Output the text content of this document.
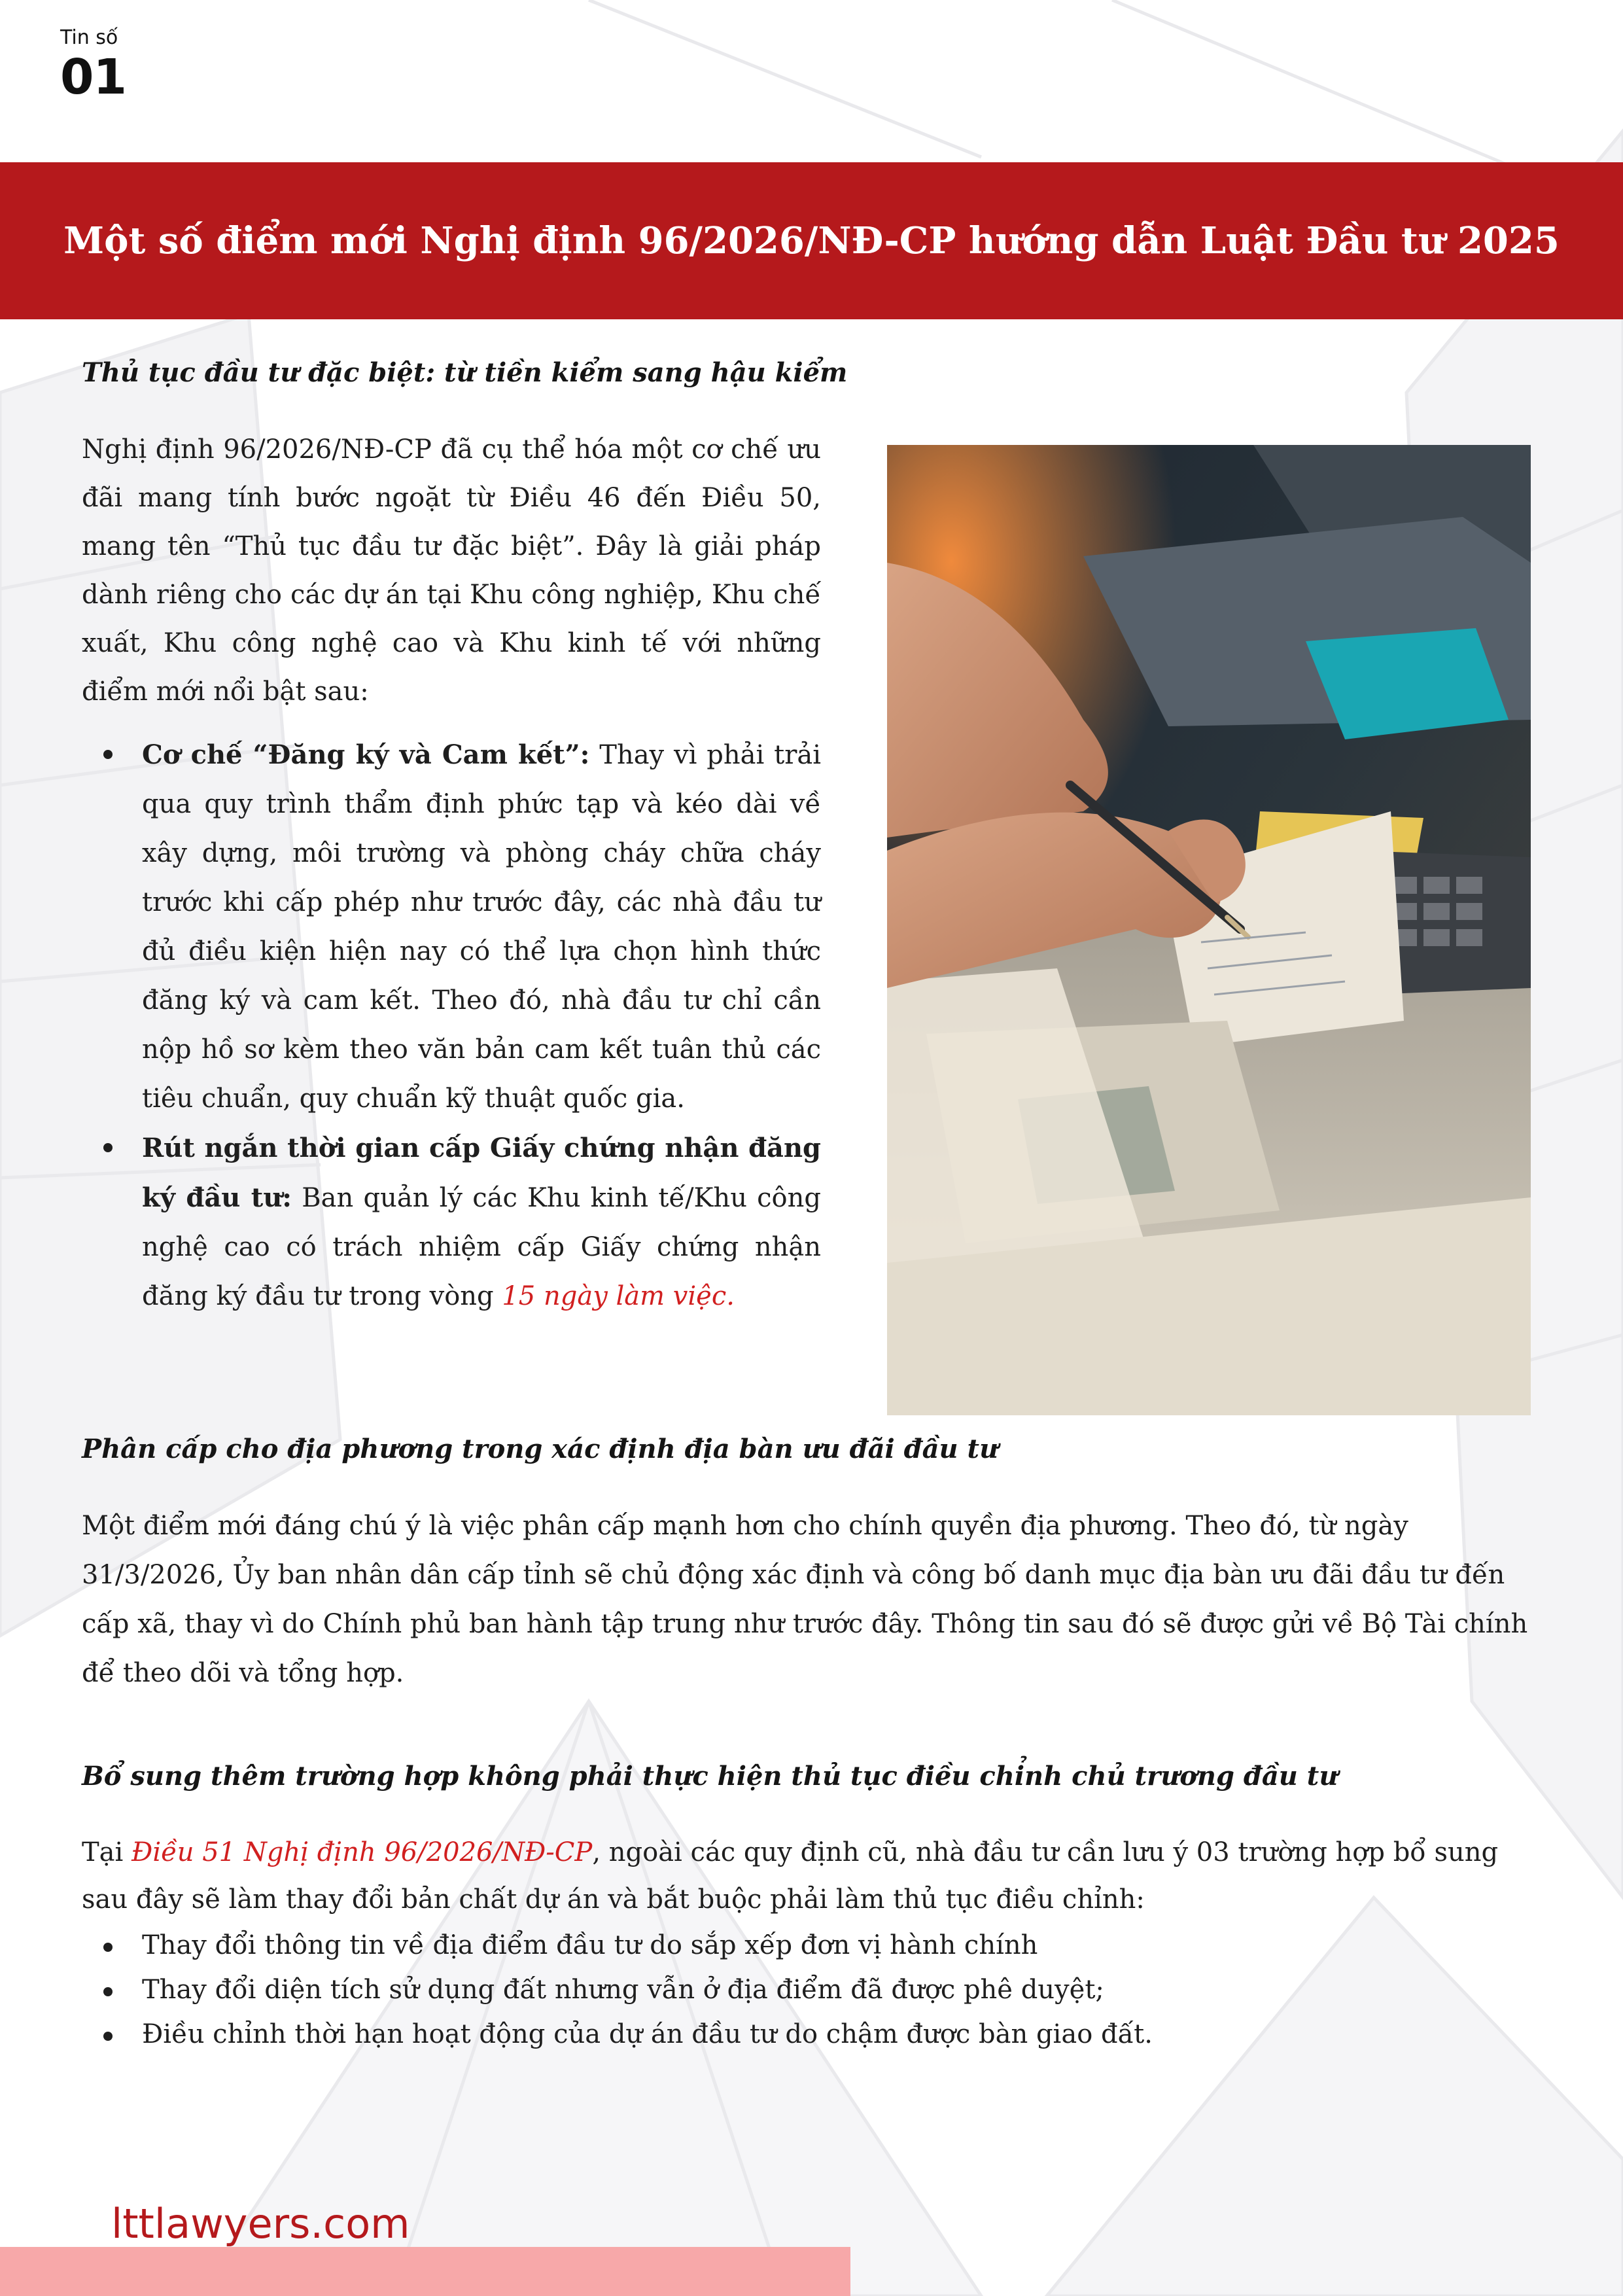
Tin số
01
Một số điểm mới Nghị định 96/2026/NĐ-CP hướng dẫn Luật Đầu tư 2025
Thủ tục đầu tư đặc biệt: từ tiền kiểm sang hậu kiểm

Nghị định 96/2026/NĐ-CP đã cụ thể hóa một cơ chế ưu đãi mang tính bước ngoặt từ Điều 46 đến Điều 50, mang tên “Thủ tục đầu tư đặc biệt”. Đây là giải pháp dành riêng cho các dự án tại Khu công nghiệp, Khu chế xuất, Khu công nghệ cao và Khu kinh tế với những điểm mới nổi bật sau:

Cơ chế “Đăng ký và Cam kết”: Thay vì phải trải qua quy trình thẩm định phức tạp và kéo dài về xây dựng, môi trường và phòng cháy chữa cháy trước khi cấp phép như trước đây, các nhà đầu tư đủ điều kiện hiện nay có thể lựa chọn hình thức đăng ký và cam kết. Theo đó, nhà đầu tư chỉ cần nộp hồ sơ kèm theo văn bản cam kết tuân thủ các tiêu chuẩn, quy chuẩn kỹ thuật quốc gia.
Rút ngắn thời gian cấp Giấy chứng nhận đăng ký đầu tư: Ban quản lý các Khu kinh tế/Khu công nghệ cao có trách nhiệm cấp Giấy chứng nhận đăng ký đầu tư trong vòng 15 ngày làm việc.
Phân cấp cho địa phương trong xác định địa bàn ưu đãi đầu tư

Một điểm mới đáng chú ý là việc phân cấp mạnh hơn cho chính quyền địa phương. Theo đó, từ ngày 31/3/2026, Ủy ban nhân dân cấp tỉnh sẽ chủ động xác định và công bố danh mục địa bàn ưu đãi đầu tư đến cấp xã, thay vì do Chính phủ ban hành tập trung như trước đây. Thông tin sau đó sẽ được gửi về Bộ Tài chính để theo dõi và tổng hợp.

Bổ sung thêm trường hợp không phải thực hiện thủ tục điều chỉnh chủ trương đầu tư

Tại Điều 51 Nghị định 96/2026/NĐ-CP, ngoài các quy định cũ, nhà đầu tư cần lưu ý 03 trường hợp bổ sung sau đây sẽ làm thay đổi bản chất dự án và bắt buộc phải làm thủ tục điều chỉnh:

Thay đổi thông tin về địa điểm đầu tư do sắp xếp đơn vị hành chính
Thay đổi diện tích sử dụng đất nhưng vẫn ở địa điểm đã được phê duyệt;
Điều chỉnh thời hạn hoạt động của dự án đầu tư do chậm được bàn giao đất.
lttlawyers.com
